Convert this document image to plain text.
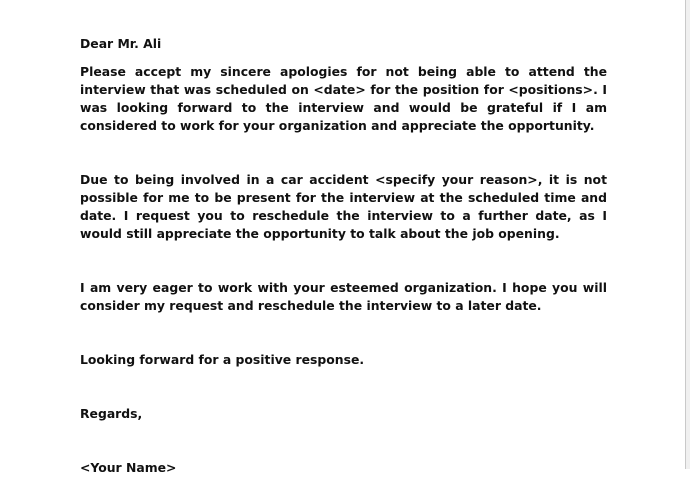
Dear Mr. Ali

Please accept my sincere apologies for not being able to attend the interview that was scheduled on <date> for the position for <positions>. I was looking forward to the interview and would be grateful if I am considered to work for your organization and appreciate the opportunity.

Due to being involved in a car accident <specify your reason>, it is not possible for me to be present for the interview at the scheduled time and date. I request you to reschedule the interview to a further date, as I would still appreciate the opportunity to talk about the job opening.

I am very eager to work with your esteemed organization. I hope you will consider my request and reschedule the interview to a later date.

Looking forward for a positive response.

Regards,

<Your Name>
